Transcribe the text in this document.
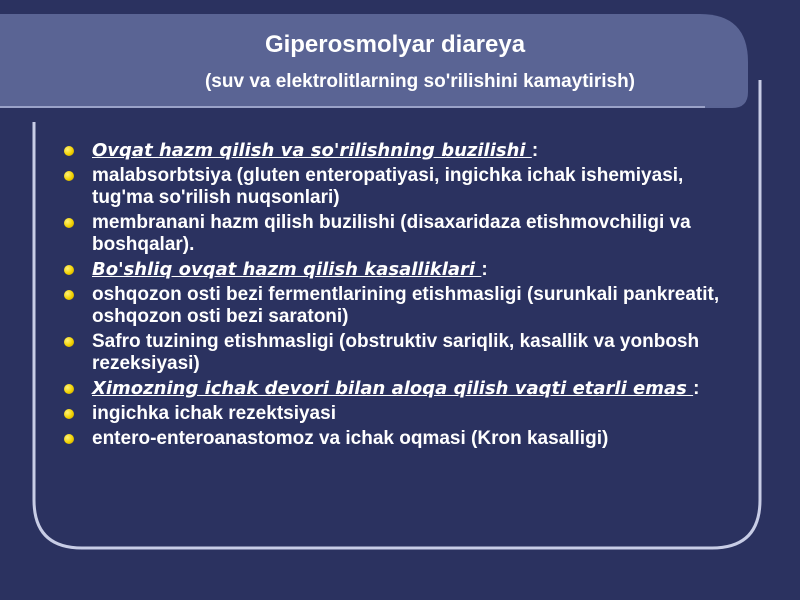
Giperosmolyar diareya
(suv va elektrolitlarning so'rilishini kamaytirish)
Ovqat hazm qilish va so'rilishning buzilishi :
malabsorbtsiya (gluten enteropatiyasi, ingichka ichak ishemiyasi, tug'ma so'rilish nuqsonlari)
membranani hazm qilish buzilishi (disaxaridaza etishmovchiligi va boshqalar).
Bo'shliq ovqat hazm qilish kasalliklari :
oshqozon osti bezi fermentlarining etishmasligi (surunkali pankreatit, oshqozon osti bezi saratoni)
Safro tuzining etishmasligi (obstruktiv sariqlik, kasallik va yonbosh rezeksiyasi)
Ximozning ichak devori bilan aloqa qilish vaqti etarli emas :
ingichka ichak rezektsiyasi
entero-enteroanastomoz va ichak oqmasi (Kron kasalligi)
